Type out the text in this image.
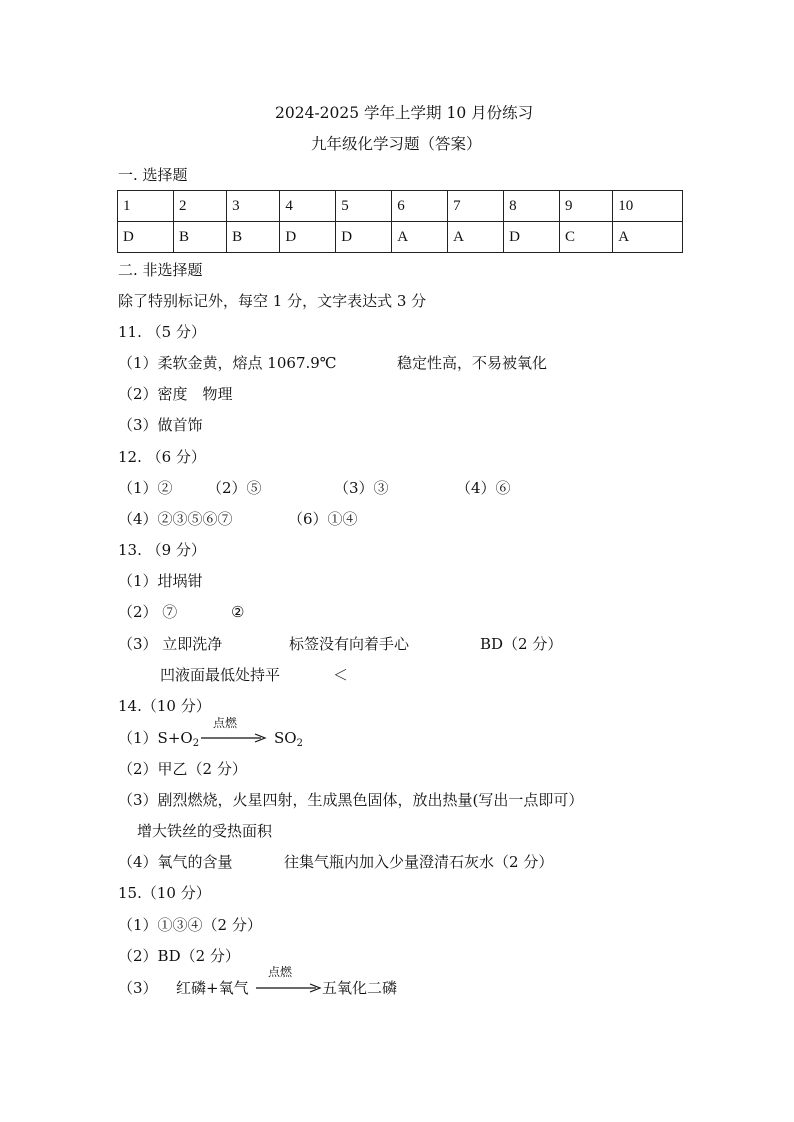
2024-2025 学年上学期 10 月份练习
九年级化学习题（答案）
一. 选择题
1	2	3	4	5	6	7	8	9	10
D	B	B	D	D	A	A	D	C	A
二. 非选择题
除了特别标记外，每空 1 分，文字表达式 3 分
11. （5 分）
（1）柔软金黄，熔点 1067.9℃	稳定性高，不易被氧化
（2）密度　物理
（3）做首饰
12. （6 分）
（1）② （2）⑤	（3）③	（4）⑥
（4）②③⑤⑥⑦	（6）①④
13. （9 分）
（1）坩埚钳
（2） ⑦	②
（3） 立即洗净	标签没有向着手心	BD（2 分）
凹液面最低处持平	＜
14.（10 分）
$(1)S+O_2$
点燃
$SO_2$
（2）甲乙（2 分）
（3）剧烈燃烧，火星四射，生成黑色固体，放出热量(写出一点即可）
增大铁丝的受热面积
（4）氧气的含量	往集气瓶内加入少量澄清石灰水（2 分）
15.（10 分）
（1）①③④（2 分）
（2）BD（2 分）
（3） 红磷+氧气
点燃
五氧化二磷
